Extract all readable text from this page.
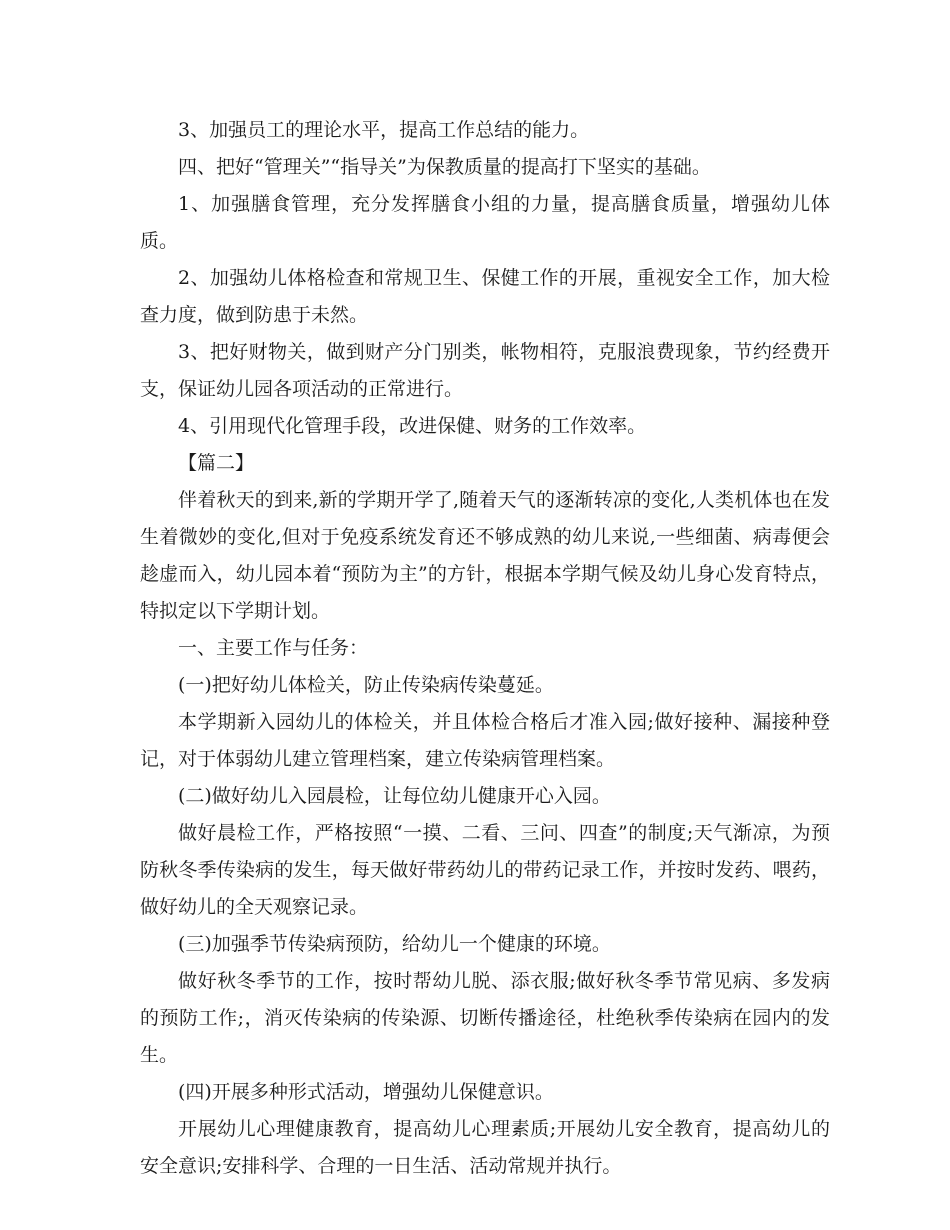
3、加强员工的理论水平，提高工作总结的能力。

四、把好“管理关”“指导关”为保教质量的提高打下坚实的基础。

1、加强膳食管理，充分发挥膳食小组的力量，提高膳食质量，增强幼儿体质。

2、加强幼儿体格检查和常规卫生、保健工作的开展，重视安全工作，加大检查力度，做到防患于未然。

3、把好财物关，做到财产分门别类，帐物相符，克服浪费现象，节约经费开支，保证幼儿园各项活动的正常进行。

4、引用现代化管理手段，改进保健、财务的工作效率。

【篇二】

伴着秋天的到来,新的学期开学了,随着天气的逐渐转凉的变化,人类机体也在发生着微妙的变化,但对于免疫系统发育还不够成熟的幼儿来说,一些细菌、病毒便会趁虚而入，幼儿园本着“预防为主”的方针，根据本学期气候及幼儿身心发育特点，特拟定以下学期计划。

一、主要工作与任务：

(一)把好幼儿体检关，防止传染病传染蔓延。

本学期新入园幼儿的体检关，并且体检合格后才准入园;做好接种、漏接种登记，对于体弱幼儿建立管理档案，建立传染病管理档案。

(二)做好幼儿入园晨检，让每位幼儿健康开心入园。

做好晨检工作，严格按照“一摸、二看、三问、四查”的制度;天气渐凉，为预防秋冬季传染病的发生，每天做好带药幼儿的带药记录工作，并按时发药、喂药，做好幼儿的全天观察记录。

(三)加强季节传染病预防，给幼儿一个健康的环境。

做好秋冬季节的工作，按时帮幼儿脱、添衣服;做好秋冬季节常见病、多发病的预防工作;，消灭传染病的传染源、切断传播途径，杜绝秋季传染病在园内的发生。

(四)开展多种形式活动，增强幼儿保健意识。

开展幼儿心理健康教育，提高幼儿心理素质;开展幼儿安全教育，提高幼儿的安全意识;安排科学、合理的一日生活、活动常规并执行。
